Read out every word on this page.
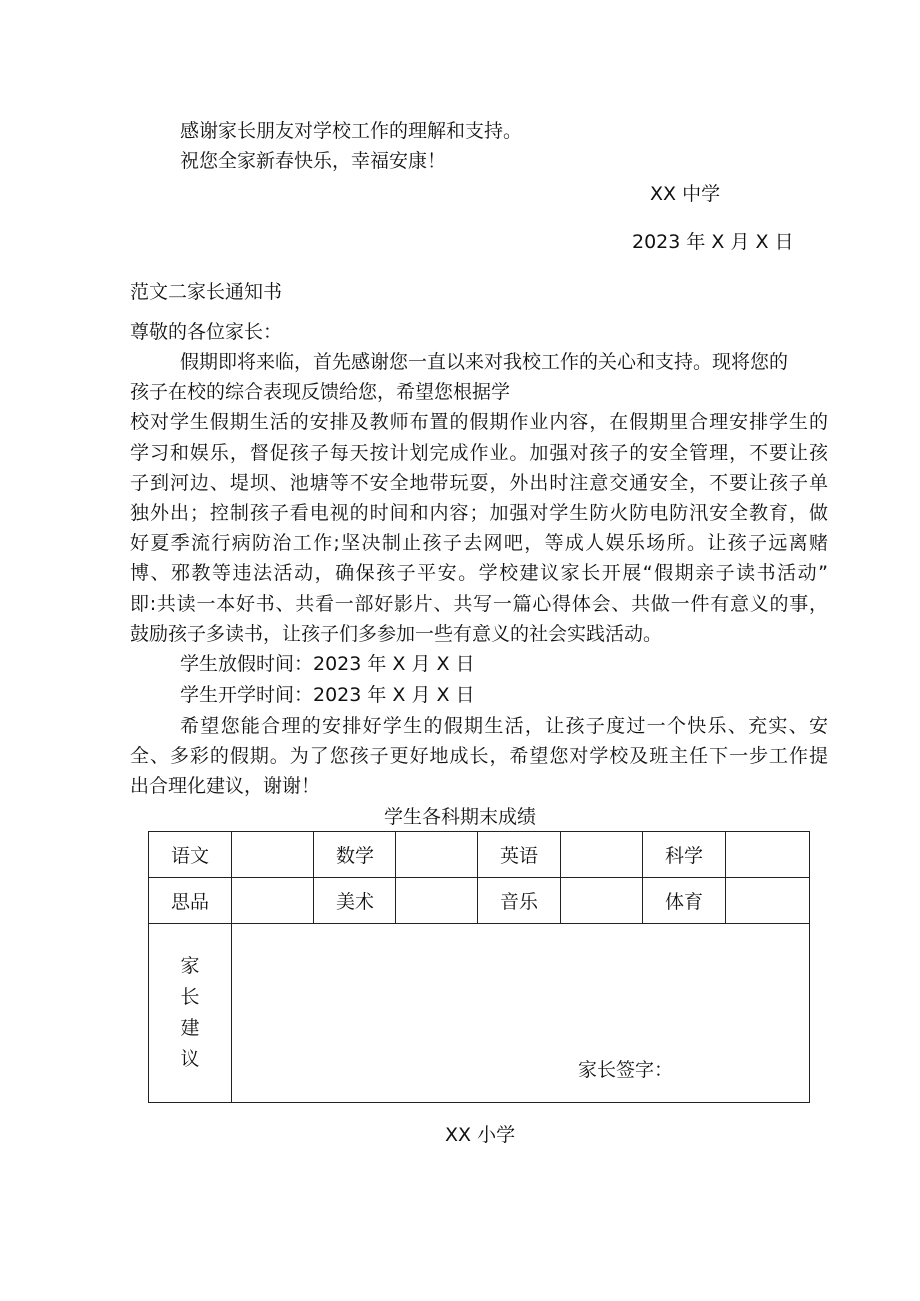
感谢家长朋友对学校工作的理解和支持。
祝您全家新春快乐，幸福安康！
XX 中学
2023 年 X 月 X 日
范文二家长通知书
尊敬的各位家长：
假期即将来临，首先感谢您一直以来对我校工作的关心和支持。现将您的
孩子在校的综合表现反馈给您，希望您根据学
校对学生假期生活的安排及教师布置的假期作业内容，在假期里合理安排学生的
学习和娱乐，督促孩子每天按计划完成作业。加强对孩子的安全管理，不要让孩
子到河边、堤坝、池塘等不安全地带玩耍，外出时注意交通安全，不要让孩子单
独外出；控制孩子看电视的时间和内容；加强对学生防火防电防汛安全教育，做
好夏季流行病防治工作;坚决制止孩子去网吧，等成人娱乐场所。让孩子远离赌
博、邪教等违法活动，确保孩子平安。学校建议家长开展“假期亲子读书活动”
即:共读一本好书、共看一部好影片、共写一篇心得体会、共做一件有意义的事，
鼓励孩子多读书，让孩子们多参加一些有意义的社会实践活动。
学生放假时间：2023 年 X 月 X 日
学生开学时间：2023 年 X 月 X 日
希望您能合理的安排好学生的假期生活，让孩子度过一个快乐、充实、安
全、多彩的假期。为了您孩子更好地成长，希望您对学校及班主任下一步工作提
出合理化建议，谢谢！
学生各科期末成绩
语文		数学		英语		科学	
思品		美术		音乐		体育	
家长建议								家长签字：
XX 小学
